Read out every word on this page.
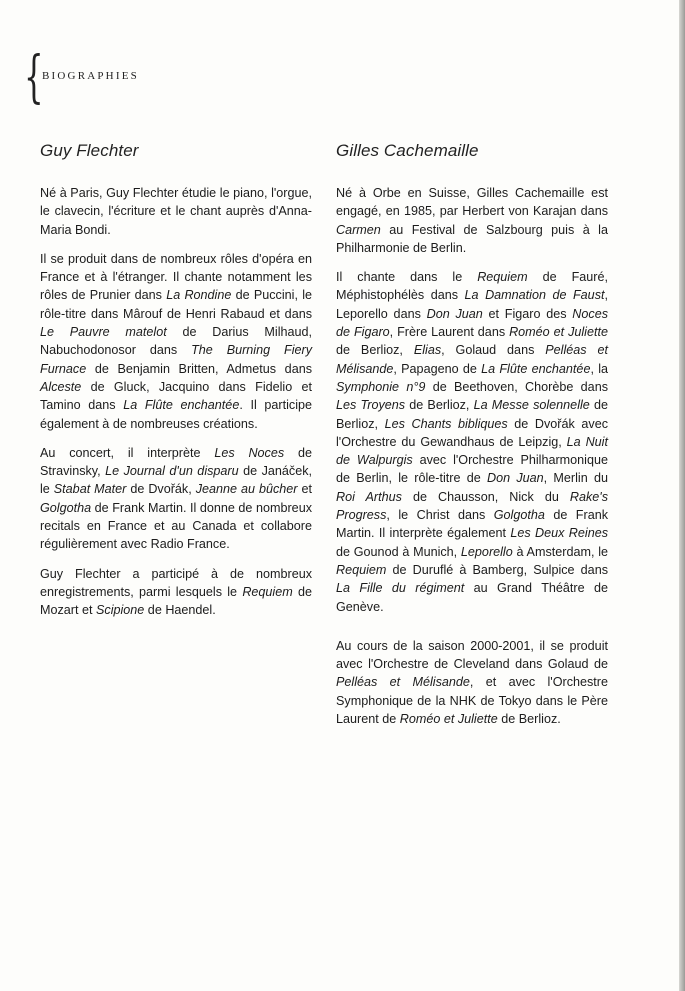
{
BIOGRAPHIES
Guy Flechter

Né à Paris, Guy Flechter étudie le piano, l'orgue, le clavecin, l'écriture et le chant auprès d'Anna-Maria Bondi.

Il se produit dans de nombreux rôles d'opéra en France et à l'étranger. Il chante notamment les rôles de Prunier dans La Rondine de Puccini, le rôle-titre dans Mârouf de Henri Rabaud et dans Le Pauvre matelot de Darius Milhaud, Nabuchodonosor dans The Burning Fiery Furnace de Benjamin Britten, Admetus dans Alceste de Gluck, Jacquino dans Fidelio et Tamino dans La Flûte enchantée. Il participe également à de nombreuses créations.

Au concert, il interprète Les Noces de Stravinsky, Le Journal d'un disparu de Janáček, le Stabat Mater de Dvořák, Jeanne au bûcher et Golgotha de Frank Martin. Il donne de nombreux recitals en France et au Canada et collabore régulièrement avec Radio France.

Guy Flechter a participé à de nombreux enregistrements, parmi lesquels le Requiem de Mozart et Scipione de Haendel.

Gilles Cachemaille

Né à Orbe en Suisse, Gilles Cachemaille est engagé, en 1985, par Herbert von Karajan dans Carmen au Festival de Salzbourg puis à la Philharmonie de Berlin.

Il chante dans le Requiem de Fauré, Méphistophélès dans La Damnation de Faust, Leporello dans Don Juan et Figaro des Noces de Figaro, Frère Laurent dans Roméo et Juliette de Berlioz, Elias, Golaud dans Pelléas et Mélisande, Papageno de La Flûte enchantée, la Symphonie n°9 de Beethoven, Chorèbe dans Les Troyens de Berlioz, La Messe solennelle de Berlioz, Les Chants bibliques de Dvořák avec l'Orchestre du Gewandhaus de Leipzig, La Nuit de Walpurgis avec l'Orchestre Philharmonique de Berlin, le rôle-titre de Don Juan, Merlin du Roi Arthus de Chausson, Nick du Rake's Progress, le Christ dans Golgotha de Frank Martin. Il interprète également Les Deux Reines de Gounod à Munich, Leporello à Amsterdam, le Requiem de Duruflé à Bamberg, Sulpice dans La Fille du régiment au Grand Théâtre de Genève.

Au cours de la saison 2000-2001, il se produit avec l'Orchestre de Cleveland dans Golaud de Pelléas et Mélisande, et avec l'Orchestre Symphonique de la NHK de Tokyo dans le Père Laurent de Roméo et Juliette de Berlioz.
